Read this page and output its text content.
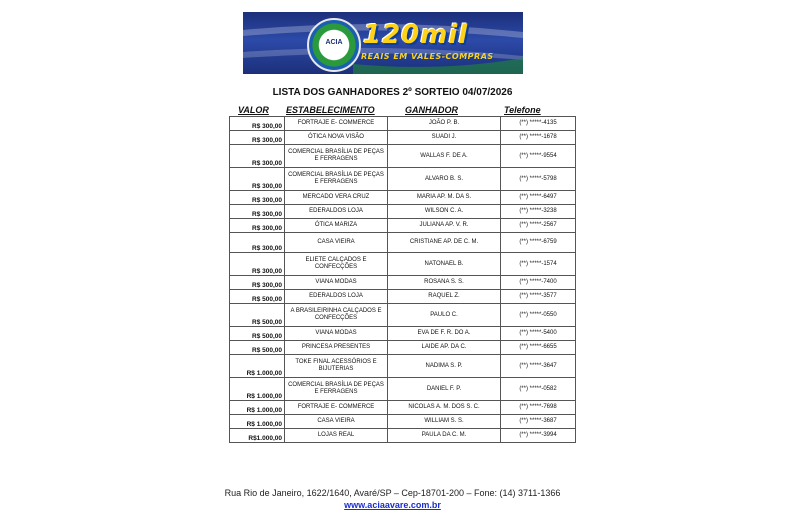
ACIA 120mil
REAIS EM VALES-COMPRAS
LISTA DOS GANHADORES 2º SORTEIO 04/07/2026
VALOR ESTABELECIMENTO	GANHADOR	Telefone
R$ 300,00	FORTRAJE E- COMMERCE	JOÃO P. B.	(**) *****-4135
R$ 300,00	ÓTICA NOVA VISÃO	SUADI J.	(**) *****-1678
R$ 300,00	COMERCIAL BRASÍLIA DE PEÇAS E FERRAGENS	WALLAS F. DE A.	(**) *****-9554
R$ 300,00	COMERCIAL BRASÍLIA DE PEÇAS E FERRAGENS	ALVARO B. S.	(**) *****-5798
R$ 300,00	MERCADO VERA CRUZ	MARIA AP. M. DA S.	(**) *****-6497
R$ 300,00	EDERALDOS LOJA	WILSON C. A.	(**) *****-3238
R$ 300,00	ÓTICA MARIZA	JULIANA AP. V. R.	(**) *****-2567
R$ 300,00	CASA VIEIRA	CRISTIANE AP. DE C. M.	(**) *****-6759
R$ 300,00	ELIETE CALÇADOS E CONFECÇÕES	NATONAEL B.	(**) *****-1574
R$ 300,00	VIANA MODAS	ROSANA S. S.	(**) *****-7400
R$ 500,00	EDERALDOS LOJA	RAQUEL Z.	(**) *****-3577
R$ 500,00	A BRASILEIRINHA CALÇADOS E CONFECÇÕES	PAULO C.	(**) *****-0550
R$ 500,00	VIANA MODAS	EVA DE F. R. DO A.	(**) *****-5400
R$ 500,00	PRINCESA PRESENTES	LAIDE AP. DA C.	(**) *****-6655
R$ 1.000,00	TOKE FINAL ACESSÓRIOS E BIJUTERIAS	NADIMA S. P.	(**) *****-3647
R$ 1.000,00	COMERCIAL BRASÍLIA DE PEÇAS E FERRAGENS	DANIEL F. P.	(**) *****-0582
R$ 1.000,00	FORTRAJE E- COMMERCE	NICOLAS A. M. DOS S. C.	(**) *****-7698
R$ 1.000,00	CASA VIEIRA	WILLIAM S. S.	(**) *****-3687
R$1.000,00	LOJAS REAL	PAULA DA C. M.	(**) *****-3994
Rua Rio de Janeiro, 1622/1640, Avaré/SP – Cep-18701-200 – Fone: (14) 3711-1366
www.aciaavare.com.br
